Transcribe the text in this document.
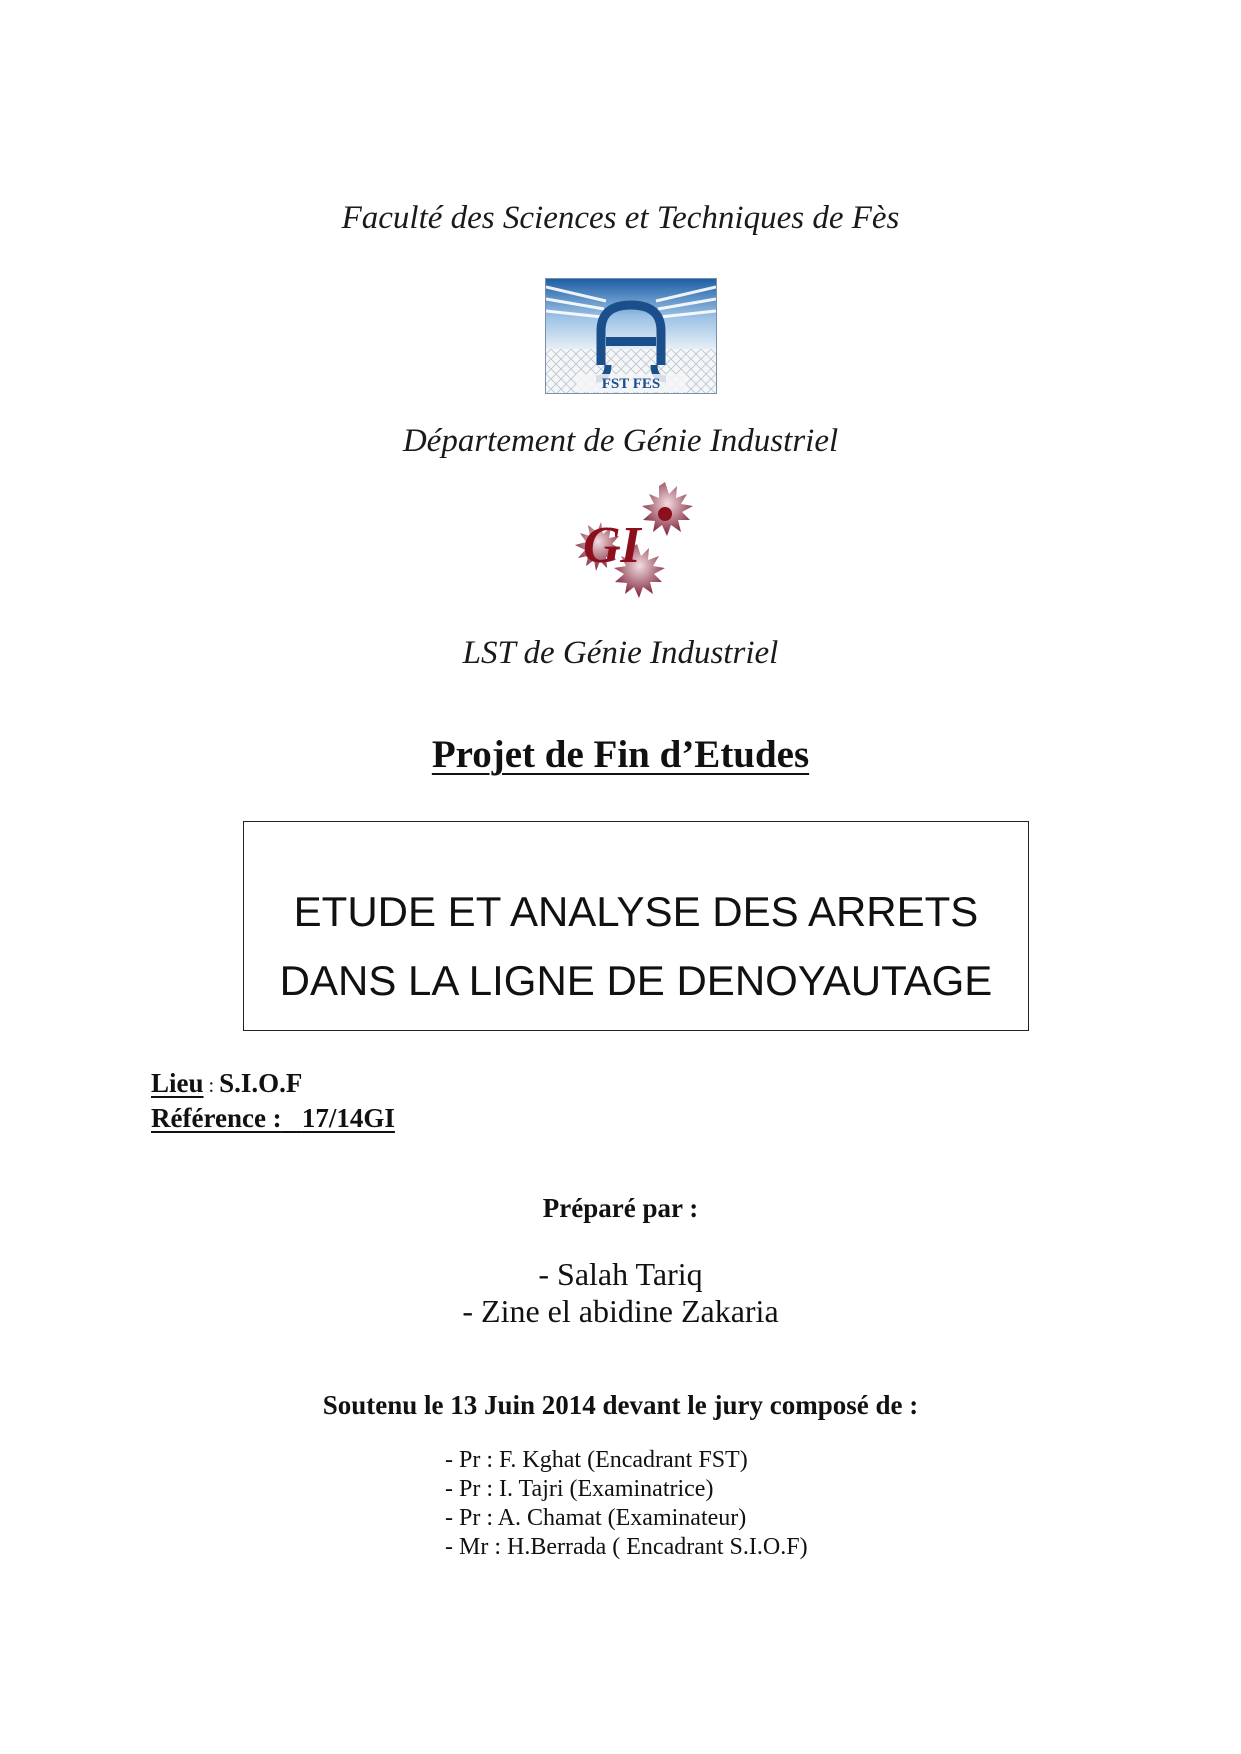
Faculté des Sciences et Techniques de Fès
FST FES
Département de Génie Industriel
GI
LST de Génie Industriel
Projet de Fin d’Etudes
ETUDE ET ANALYSE DES ARRETS
DANS LA LIGNE DE DENOYAUTAGE
Lieu : S.I.O.F
Référence : 17/14GI
Préparé par :
- Salah Tariq
- Zine el abidine Zakaria
Soutenu le 13 Juin 2014 devant le jury composé de :
- Pr : F. Kghat (Encadrant FST)
- Pr : I. Tajri (Examinatrice)
- Pr : A. Chamat (Examinateur)
- Mr : H.Berrada ( Encadrant S.I.O.F)
